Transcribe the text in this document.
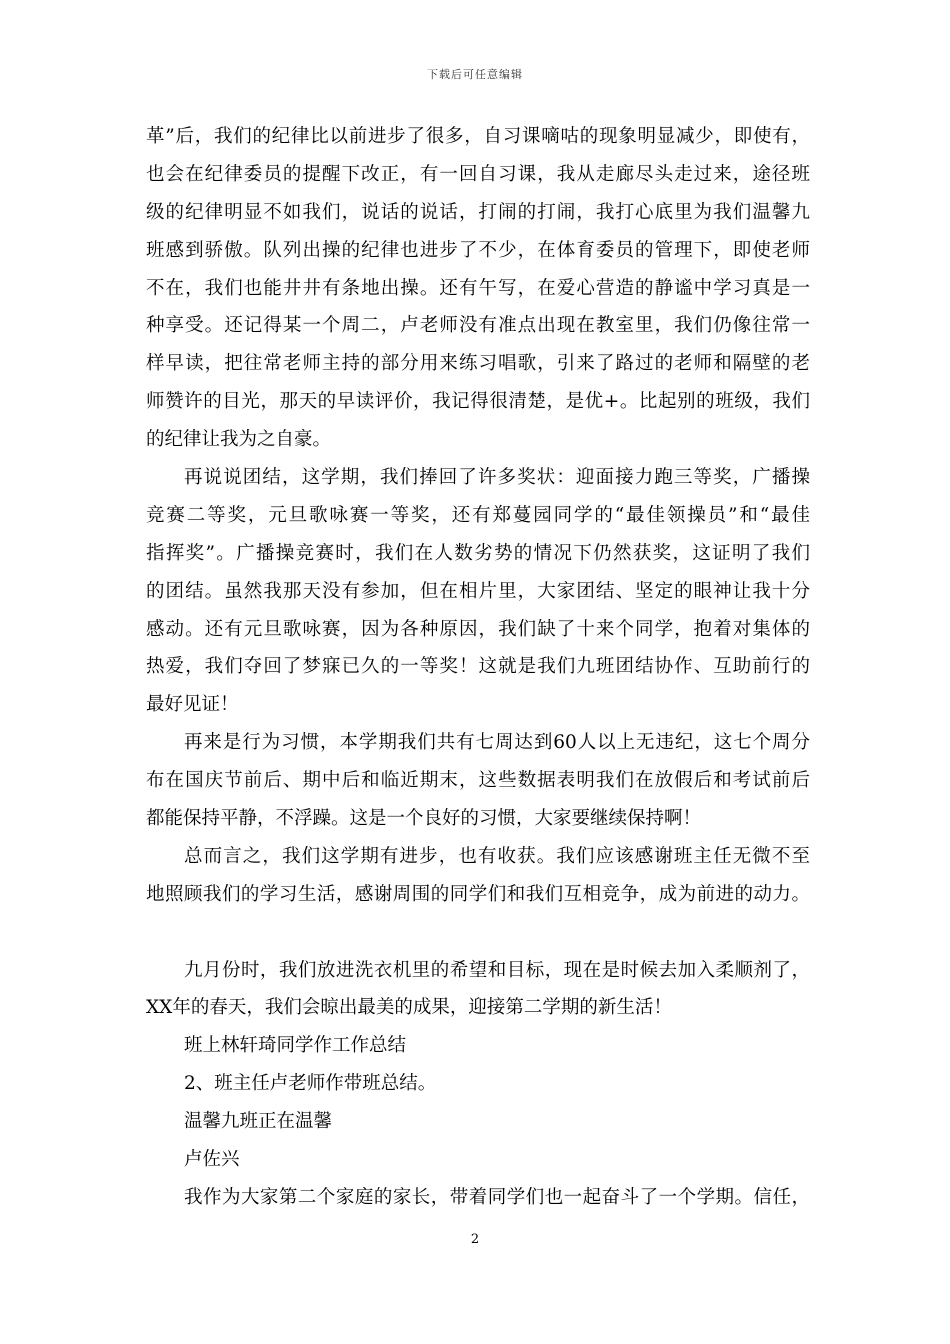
下载后可任意编辑
革”后，我们的纪律比以前进步了很多，自习课嘀咕的现象明显减少，即使有，
也会在纪律委员的提醒下改正，有一回自习课，我从走廊尽头走过来，途径班
级的纪律明显不如我们，说话的说话，打闹的打闹，我打心底里为我们温馨九
班感到骄傲。队列出操的纪律也进步了不少，在体育委员的管理下，即使老师
不在，我们也能井井有条地出操。还有午写，在爱心营造的静谧中学习真是一
种享受。还记得某一个周二，卢老师没有准点出现在教室里，我们仍像往常一
样早读，把往常老师主持的部分用来练习唱歌，引来了路过的老师和隔壁的老
师赞许的目光，那天的早读评价，我记得很清楚，是优+。比起别的班级，我们
的纪律让我为之自豪。
再说说团结，这学期，我们捧回了许多奖状：迎面接力跑三等奖，广播操
竞赛二等奖，元旦歌咏赛一等奖，还有郑蔓园同学的“最佳领操员”和“最佳
指挥奖”。广播操竞赛时，我们在人数劣势的情况下仍然获奖，这证明了我们
的团结。虽然我那天没有参加，但在相片里，大家团结、坚定的眼神让我十分
感动。还有元旦歌咏赛，因为各种原因，我们缺了十来个同学，抱着对集体的
热爱，我们夺回了梦寐已久的一等奖！这就是我们九班团结协作、互助前行的
最好见证！
再来是行为习惯，本学期我们共有七周达到60人以上无违纪，这七个周分
布在国庆节前后、期中后和临近期末，这些数据表明我们在放假后和考试前后
都能保持平静，不浮躁。这是一个良好的习惯，大家要继续保持啊！
总而言之，我们这学期有进步，也有收获。我们应该感谢班主任无微不至
地照顾我们的学习生活，感谢周围的同学们和我们互相竞争，成为前进的动力。
九月份时，我们放进洗衣机里的希望和目标，现在是时候去加入柔顺剂了，
XX年的春天，我们会晾出最美的成果，迎接第二学期的新生活！
班上林轩琦同学作工作总结
2、班主任卢老师作带班总结。
温馨九班正在温馨
卢佐兴
我作为大家第二个家庭的家长，带着同学们也一起奋斗了一个学期。信任，
2
